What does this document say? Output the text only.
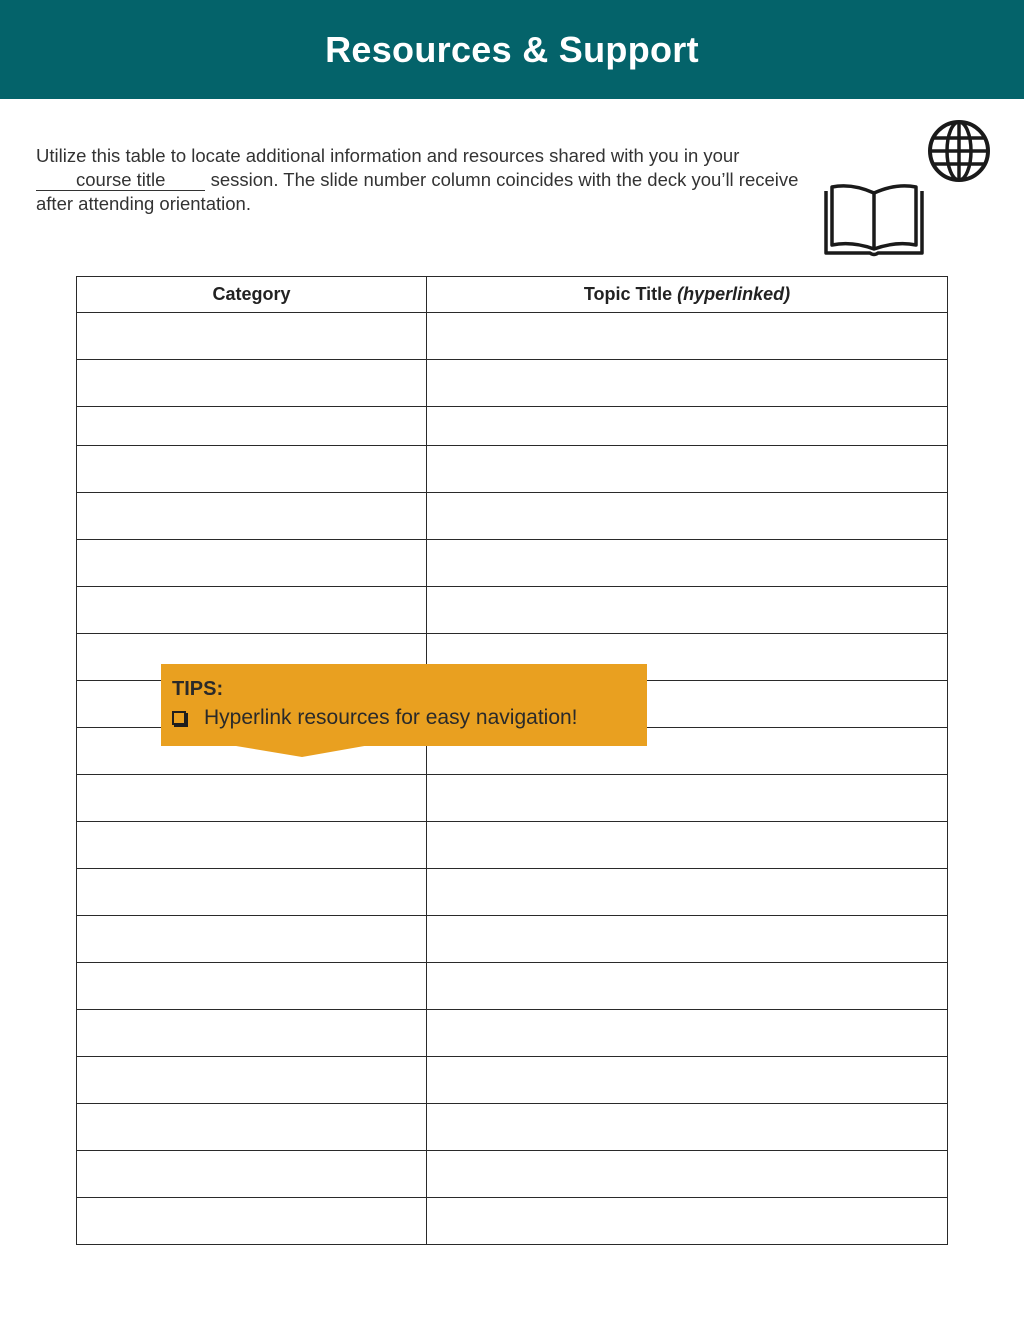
Resources & Support
Utilize this table to locate additional information and resources shared with you in your
course title session. The slide number column coincides with the deck you’ll receive
after attending orientation.
Category	Topic Title (hyperlinked)

TIPS:
Hyperlink resources for easy navigation!
